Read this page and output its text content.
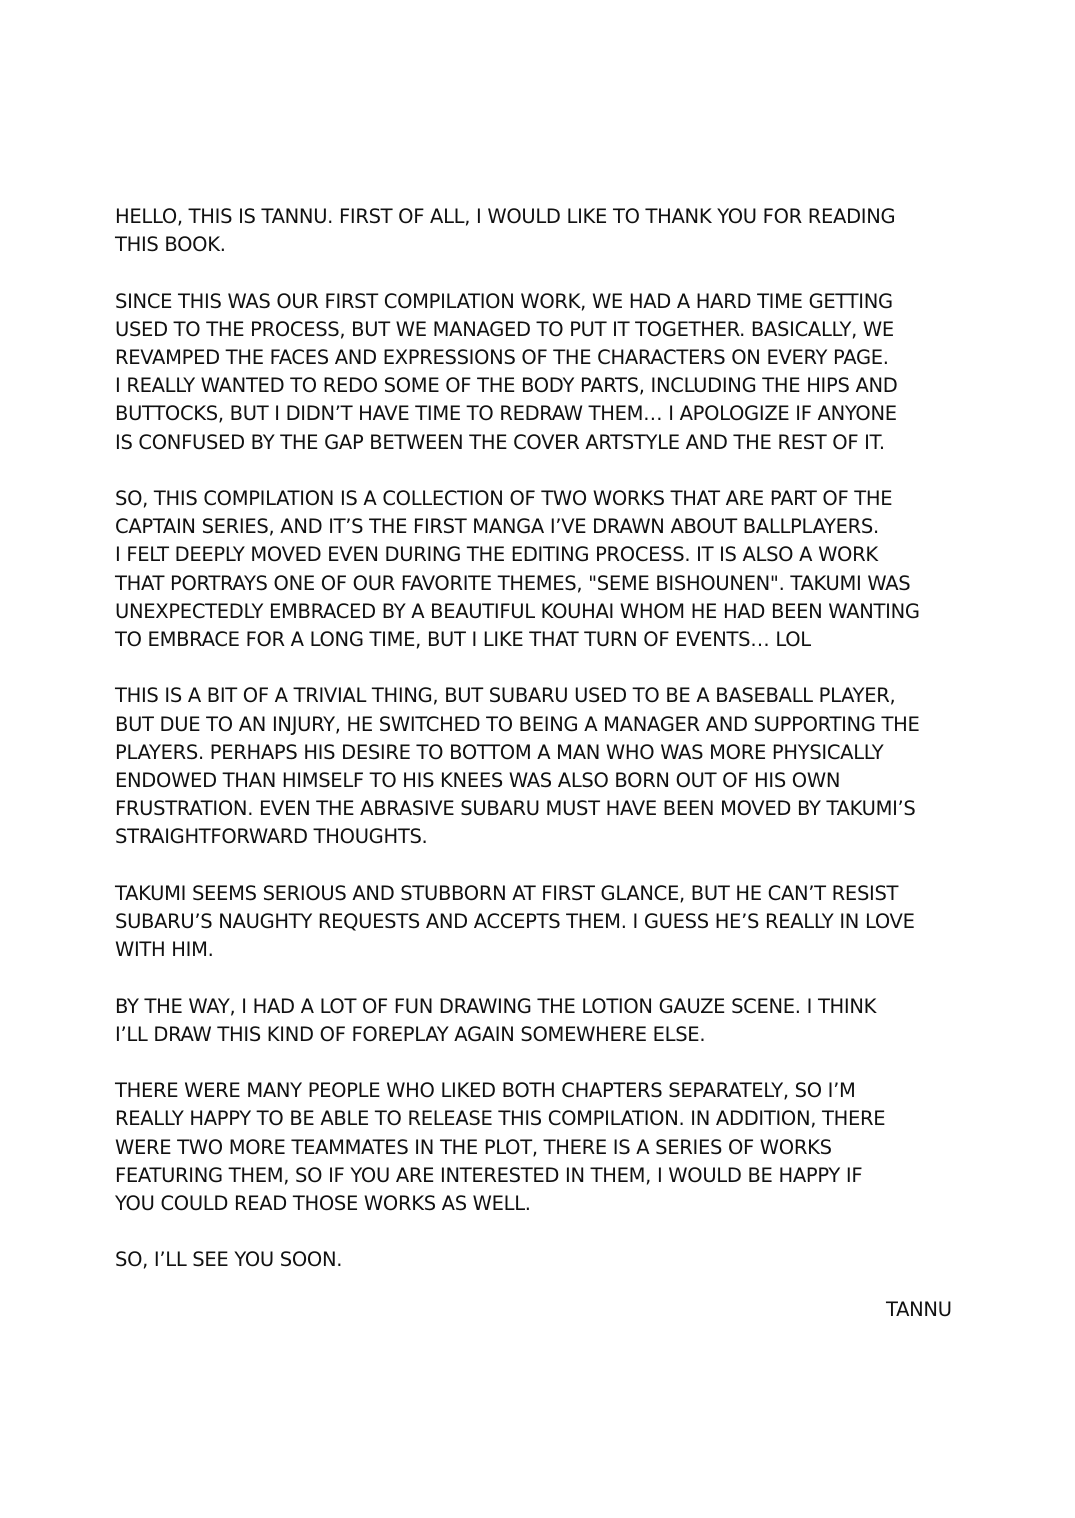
HELLO, THIS IS TANNU. FIRST OF ALL, I WOULD LIKE TO THANK YOU FOR READING
THIS BOOK.

SINCE THIS WAS OUR FIRST COMPILATION WORK, WE HAD A HARD TIME GETTING
USED TO THE PROCESS, BUT WE MANAGED TO PUT IT TOGETHER. BASICALLY, WE
REVAMPED THE FACES AND EXPRESSIONS OF THE CHARACTERS ON EVERY PAGE.
I REALLY WANTED TO REDO SOME OF THE BODY PARTS, INCLUDING THE HIPS AND
BUTTOCKS, BUT I DIDN’T HAVE TIME TO REDRAW THEM… I APOLOGIZE IF ANYONE
IS CONFUSED BY THE GAP BETWEEN THE COVER ARTSTYLE AND THE REST OF IT.

SO, THIS COMPILATION IS A COLLECTION OF TWO WORKS THAT ARE PART OF THE
CAPTAIN SERIES, AND IT’S THE FIRST MANGA I’VE DRAWN ABOUT BALLPLAYERS.
I FELT DEEPLY MOVED EVEN DURING THE EDITING PROCESS. IT IS ALSO A WORK
THAT PORTRAYS ONE OF OUR FAVORITE THEMES, "SEME BISHOUNEN". TAKUMI WAS
UNEXPECTEDLY EMBRACED BY A BEAUTIFUL KOUHAI WHOM HE HAD BEEN WANTING
TO EMBRACE FOR A LONG TIME, BUT I LIKE THAT TURN OF EVENTS… LOL

THIS IS A BIT OF A TRIVIAL THING, BUT SUBARU USED TO BE A BASEBALL PLAYER,
BUT DUE TO AN INJURY, HE SWITCHED TO BEING A MANAGER AND SUPPORTING THE
PLAYERS. PERHAPS HIS DESIRE TO BOTTOM A MAN WHO WAS MORE PHYSICALLY
ENDOWED THAN HIMSELF TO HIS KNEES WAS ALSO BORN OUT OF HIS OWN
FRUSTRATION. EVEN THE ABRASIVE SUBARU MUST HAVE BEEN MOVED BY TAKUMI’S
STRAIGHTFORWARD THOUGHTS.

TAKUMI SEEMS SERIOUS AND STUBBORN AT FIRST GLANCE, BUT HE CAN’T RESIST
SUBARU’S NAUGHTY REQUESTS AND ACCEPTS THEM. I GUESS HE’S REALLY IN LOVE
WITH HIM.

BY THE WAY, I HAD A LOT OF FUN DRAWING THE LOTION GAUZE SCENE. I THINK
I’LL DRAW THIS KIND OF FOREPLAY AGAIN SOMEWHERE ELSE.

THERE WERE MANY PEOPLE WHO LIKED BOTH CHAPTERS SEPARATELY, SO I’M
REALLY HAPPY TO BE ABLE TO RELEASE THIS COMPILATION. IN ADDITION, THERE
WERE TWO MORE TEAMMATES IN THE PLOT, THERE IS A SERIES OF WORKS
FEATURING THEM, SO IF YOU ARE INTERESTED IN THEM, I WOULD BE HAPPY IF
YOU COULD READ THOSE WORKS AS WELL.

SO, I’LL SEE YOU SOON.

TANNU
